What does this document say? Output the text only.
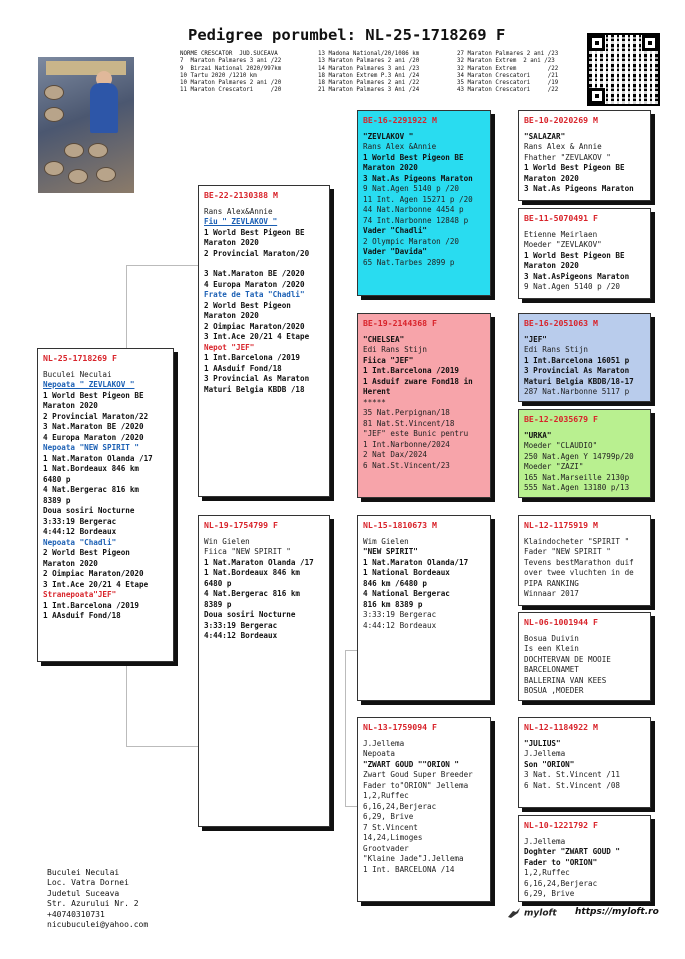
Pedigree porumbel: NL-25-1718269 F
NORME CRESCATOR  JUD.SUCEAVA
7  Maraton Palmares 3 ani /22
9  Birzai National 2020/997km
10 Tartu 2020 /1210 km
10 Maraton Palmares 2 ani /20
11 Maraton Crescatori     /20
13 Madona National/20/1086 km
13 Maraton Palmares 2 ani /20
14 Maraton Palmares 3 ani /23
18 Maraton Extrem P.3 Ani /24
18 Maraton Palmares 2 ani /22
21 Maraton Palmares 3 Ani /24
27 Maraton Palmares 2 ani /23
32 Maraton Extrem  2 ani /23
32 Maraton Extrem         /22
34 Maraton Crescatori     /21
35 Maraton Crescatori     /19
43 Maraton Crescatori     /22
NL-25-1718269 F
Buculei Neculai
Nepoata " ZEVLAKOV "
1 World Best Pigeon BE
Maraton 2020
2 Provincial Maraton/22
3 Nat.Maraton BE /2020
4 Europa Maraton /2020
Nepoata "NEW SPIRIT "
1 Nat.Maraton Olanda /17
1 Nat.Bordeaux 846 km
6480 p
4 Nat.Bergerac 816 km
8389 p
Doua sosiri Nocturne
3:33:19 Bergerac
4:44:12 Bordeaux
Nepoata "Chadli"
2 World Best Pigeon
Maraton 2020
2 Oimpiac Maraton/2020
3 Int.Ace 20/21 4 Etape
Stranepoata"JEF"
1 Int.Barcelona /2019
1 AAsduif Fond/18
BE-22-2130388 M
Rans Alex&Annie
Fiu " ZEVLAKOV "
1 World Best Pigeon BE
Maraton 2020
2 Provincial Maraton/20
3 Nat.Maraton BE /2020
4 Europa Maraton /2020
Frate de Tata "Chadli"
2 World Best Pigeon
Maraton 2020
2 Oimpiac Maraton/2020
3 Int.Ace 20/21 4 Etape
Nepot "JEF"
1 Int.Barcelona /2019
1 AAsduif Fond/18
3 Provincial As Maraton
Maturi Belgia KBDB /18
NL-19-1754799 F
Win Gielen
Fiica "NEW SPIRIT "
1 Nat.Maraton Olanda /17
1 Nat.Bordeaux 846 km
6480 p
4 Nat.Bergerac 816 km
8389 p
Doua sosiri Nocturne
3:33:19 Bergerac
4:44:12 Bordeaux
BE-16-2291922 M
"ZEVLAKOV "
Rans Alex &Annie
1 World Best Pigeon BE
Maraton 2020
3 Nat.As Pigeons Maraton
9 Nat.Agen 5140 p /20
11 Int. Agen 15271 p /20
44 Nat.Narbonne 4454 p
74 Int.Narbonne 12848 p
Vader "Chadli"
2 Olympic Maraton /20
Vader "Davida"
65 Nat.Tarbes 2899 p
BE-19-2144368 F
"CHELSEA"
Edi Rans Stijn
Fiica "JEF"
1 Int.Barcelona /2019
1 Asduif zware Fond18 in
Herent
*****
35 Nat.Perpignan/18
81 Nat.St.Vincent/18
"JEF" este Bunic pentru
1 Int.Narbonne/2024
2 Nat Dax/2024
6 Nat.St.Vincent/23
NL-15-1810673 M
Wim Gielen
"NEW SPIRIT"
1 Nat.Maraton Olanda/17
1 National Bordeaux
846 km /6480 p
4 National Bergerac
816 km 8389 p
3:33:19 Bergerac
4:44:12 Bordeaux
NL-13-1759094 F
J.Jellema
Nepoata
"ZWART GOUD ""ORION "
Zwart Goud Super Breeder
Fader to"ORION" Jellema
1,2,Ruffec
6,16,24,Berjerac
6,29, Brive
7 St.Vincent
14,24,Limoges
Grootvader
"Klaine Jade"J.Jellema
1 Int. BARCELONA /14
BE-10-2020269 M
"SALAZAR"
Rans Alex & Annie
Fhather "ZEVLAKOV "
1 World Best Pigeon BE
Maraton 2020
3 Nat.As Pigeons Maraton
BE-11-5070491 F
Etienne Meirlaen
Moeder "ZEVLAKOV"
1 World Best Pigeon BE
Maraton 2020
3 Nat.AsPigeons Maraton
9 Nat.Agen 5140 p /20
BE-16-2051063 M
"JEF"
Edi Rans Stijn
1 Int.Barcelona 16051 p
3 Provincial As Maraton
Maturi Belgia KBDB/18-17
287 Nat.Narbonne 5117 p
BE-12-2035679 F
"URKA"
Moeder "CLAUDIO"
250 Nat.Agen Y 14799p/20
Moeder "ZAZI"
165 Nat.Marseille 2130p
555 Nat.Agen 13180 p/13
NL-12-1175919 M
Klaindocheter "SPIRIT "
Fader "NEW SPIRIT "
Tevens bestMarathon duif
over twee vluchten in de
PIPA RANKING
Winnaar 2017
NL-06-1001944 F
Bosua Duivin
Is een Klein
DOCHTERVAN DE MOOIE
BARCELONAMET
BALLERINA VAN KEES
BOSUA ,MOEDER
NL-12-1184922 M
"JULIUS"
J.Jellema
Son "ORION"
3 Nat. St.Vincent /11
6 Nat. St.Vincent /08
NL-10-1221792 F
J.Jellema
Doghter "ZWART GOUD "
Fader to "ORION"
1,2,Ruffec
6,16,24,Berjerac
6,29, Brive
Buculei Neculai
Loc. Vatra Dornei
Judetul Suceava
Str. Azurului Nr. 2
+40740310731
nicubuculei@yahoo.com
myloft https://myloft.ro
